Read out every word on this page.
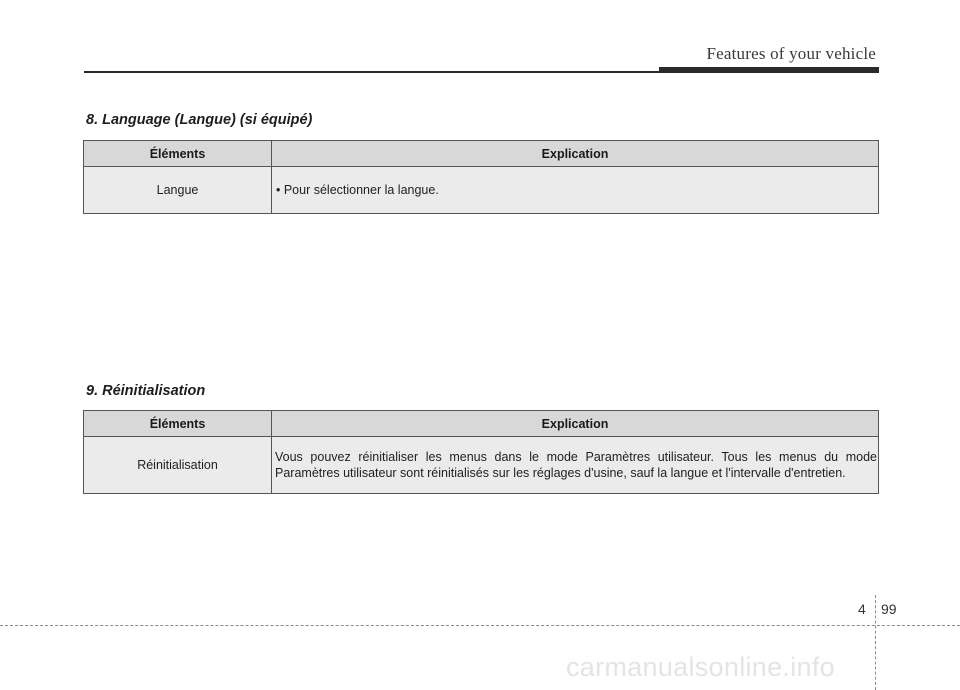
Features of your vehicle
8. Language (Langue) (si équipé)
Éléments	Explication
Langue	• Pour sélectionner la langue.
9. Réinitialisation
Éléments	Explication
Réinitialisation	Vous pouvez réinitialiser les menus dans le mode Paramètres utilisateur. Tous les menus du mode Paramètres utilisateur sont réinitialisés sur les réglages d'usine, sauf la langue et l'intervalle d'entretien.
4 99
carmanualsonline.info
